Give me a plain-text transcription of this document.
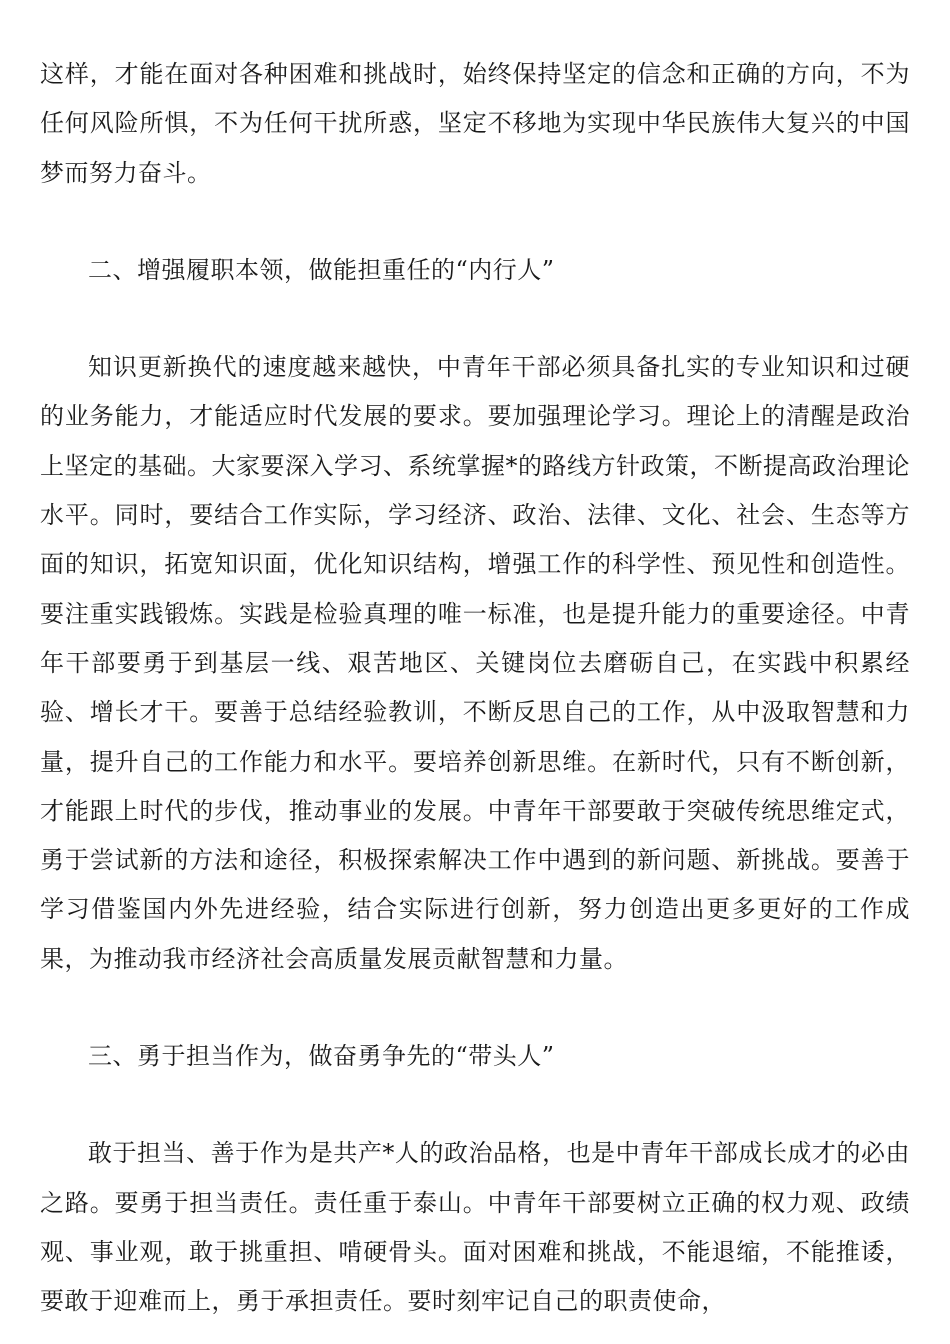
这样，才能在面对各种困难和挑战时，始终保持坚定的信念和正确的方向，不为任何风险所惧，不为任何干扰所惑，坚定不移地为实现中华民族伟大复兴的中国梦而努力奋斗。

二、增强履职本领，做能担重任的“内行人”

知识更新换代的速度越来越快，中青年干部必须具备扎实的专业知识和过硬的业务能力，才能适应时代发展的要求。要加强理论学习。理论上的清醒是政治上坚定的基础。大家要深入学习、系统掌握*的路线方针政策，不断提高政治理论水平。同时，要结合工作实际，学习经济、政治、法律、文化、社会、生态等方面的知识，拓宽知识面，优化知识结构，增强工作的科学性、预见性和创造性。要注重实践锻炼。实践是检验真理的唯一标准，也是提升能力的重要途径。中青年干部要勇于到基层一线、艰苦地区、关键岗位去磨砺自己，在实践中积累经验、增长才干。要善于总结经验教训，不断反思自己的工作，从中汲取智慧和力量，提升自己的工作能力和水平。要培养创新思维。在新时代，只有不断创新，才能跟上时代的步伐，推动事业的发展。中青年干部要敢于突破传统思维定式，勇于尝试新的方法和途径，积极探索解决工作中遇到的新问题、新挑战。要善于学习借鉴国内外先进经验，结合实际进行创新，努力创造出更多更好的工作成果，为推动我市经济社会高质量发展贡献智慧和力量。

三、勇于担当作为，做奋勇争先的“带头人”

敢于担当、善于作为是共产*人的政治品格，也是中青年干部成长成才的必由之路。要勇于担当责任。责任重于泰山。中青年干部要树立正确的权力观、政绩观、事业观，敢于挑重担、啃硬骨头。面对困难和挑战，不能退缩，不能推诿，要敢于迎难而上，勇于承担责任。要时刻牢记自己的职责使命，
